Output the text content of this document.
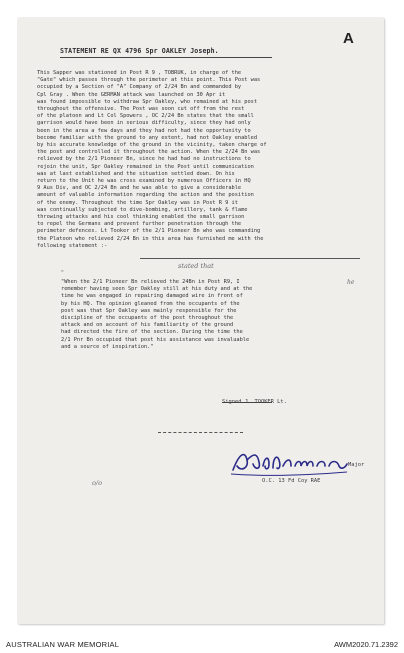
A
STATEMENT RE QX 4796 Spr OAKLEY Joseph.
This Sapper was stationed in Post R 9 , TOBRUK, in charge of the
"Gate" which passes through the perimeter at this point. This Post was
occupied by a Section of "A" Company of 2/24 Bn and commanded by
Cpl Gray . When the GERMAN attack was launched on 30 Apr it
was found impossible to withdraw Spr Oakley, who remained at his post
throughout the offensive. The Post was soon cut off from the rest
of the platoon and Lt Col Spowers , OC 2/24 Bn states that the small
garrison would have been in serious difficulty, since they had only
been in the area a few days and they had not had the opportunity to
become familiar with the ground to any extent, had not Oakley enabled
by his accurate knowledge of the ground in the vicinity, taken charge of
the post and controlled it throughout the action. When the 2/24 Bn was
relieved by the 2/1 Pioneer Bn, since he had had no instructions to
rejoin the unit, Spr Oakley remained in the Post until communication
was at last established and the situation settled down. On his
return to the Unit he was cross examined by numerous Officers in HQ
9 Aus Div, and OC 2/24 Bn and he was able to give a considerable
amount of valuable information regarding the action and the position
of the enemy. Throughout the time Spr Oakley was in Post R 9 it
was continually subjected to dive-bombing, artillery, tank & flame
throwing attacks and his cool thinking enabled the small garrison
to repel the Germans and prevent further penetration through the
perimeter defences. Lt Tooker of the 2/1 Pioneer Bn who was commanding
the Platoon who relieved 2/24 Bn in this area has furnished me with the
following statement :-
stated that
"
he
"When the 2/1 Pioneer Bn relieved the 24Bn in Post R9, I
remember having seen Spr Oakley still at his duty and at the
time he was engaged in repairing damaged wire in front of
by his HQ. The opinion gleaned from the occupants of the
post was that Spr Oakley was mainly responsible for the
discipline of the occupants of the post throughout the
attack and on account of his familiarity of the ground
had directed the fire of the section. During the time the
2/1 Pnr Bn occupied that post his assistance was invaluable
and a source of inspiration."
Signed J. TOOKER Lt.
Major
O.C. 13 Fd Coy RAE
o/o
AUSTRALIAN WAR MEMORIAL	AWM2020.71.2392
